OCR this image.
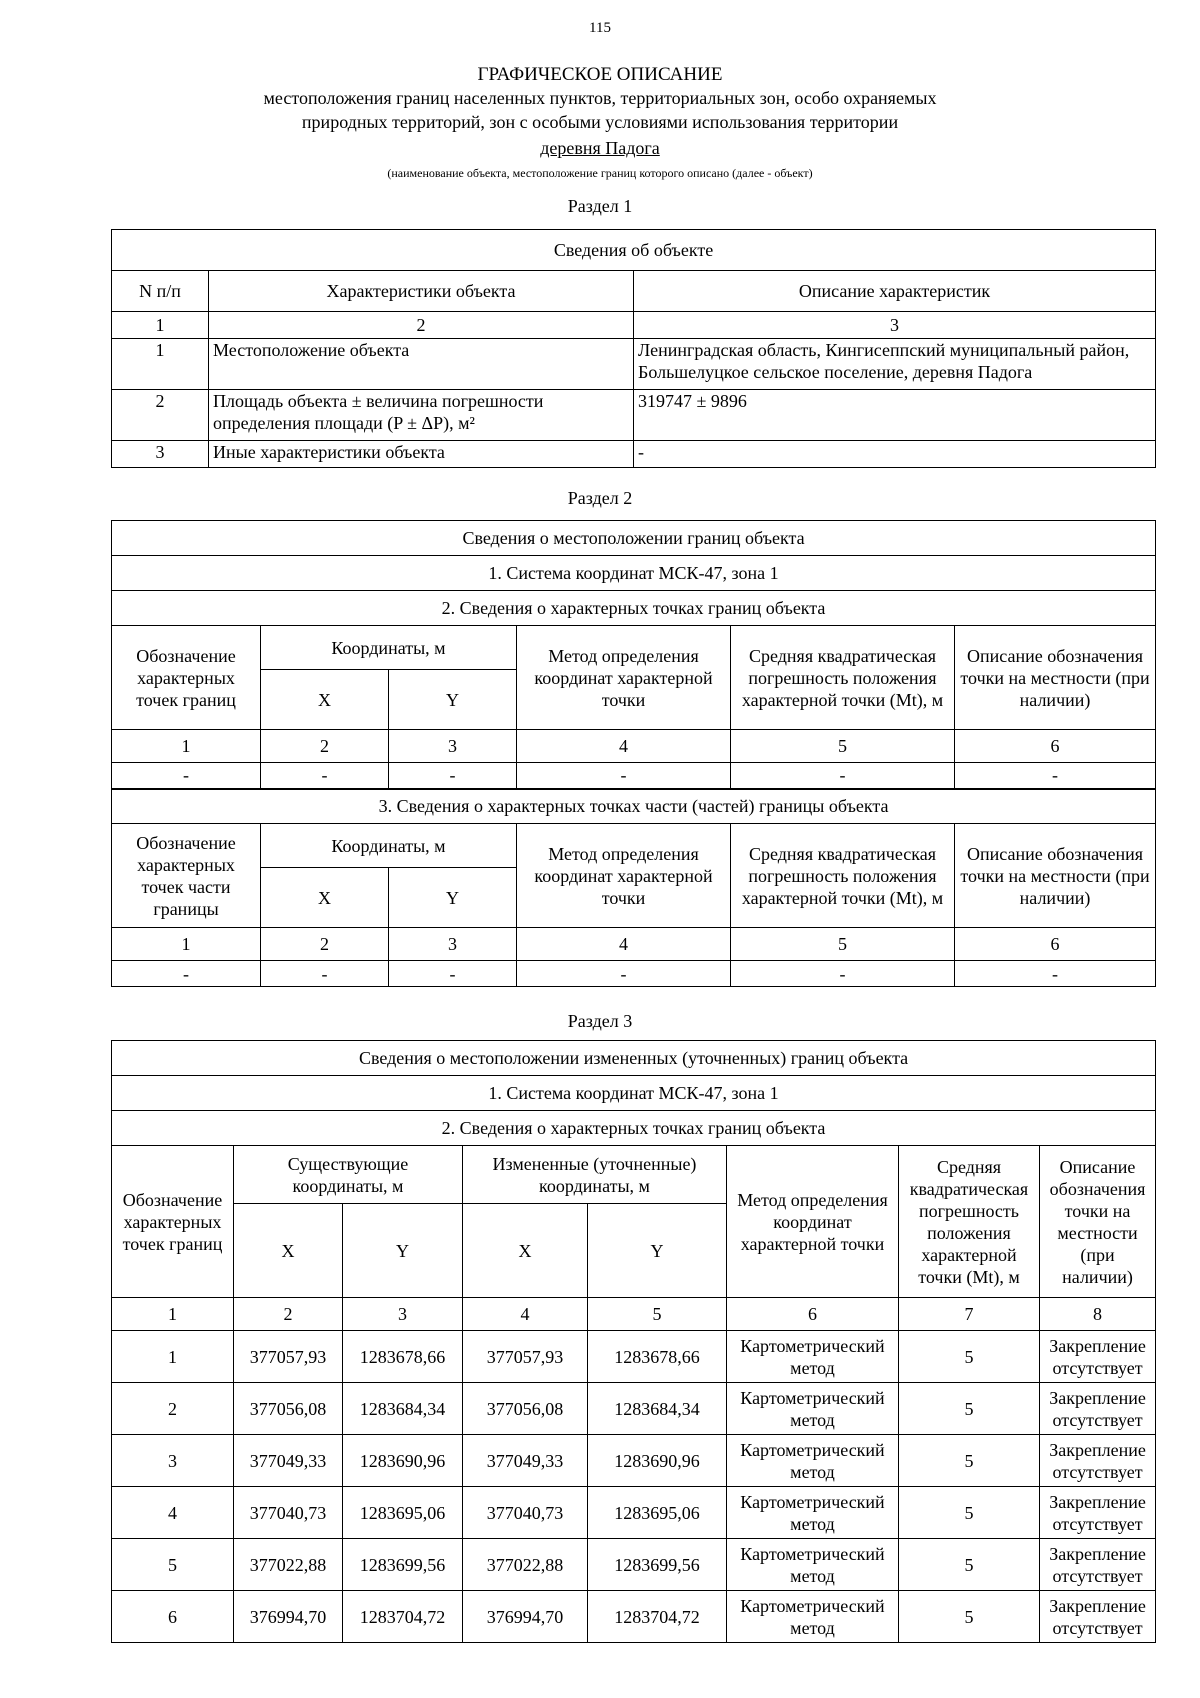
115
ГРАФИЧЕСКОЕ ОПИСАНИЕ
местоположения границ населенных пунктов, территориальных зон, особо охраняемых
природных территорий, зон с особыми условиями использования территории
деревня Падога
(наименование объекта, местоположение границ которого описано (далее - объект)
Раздел 1
Сведения об объекте		
N п/п	Характеристики объекта	Описание характеристик
1	2	3
1	Местоположение объекта	Ленинградская область, Кингисеппский муниципальный район, Большелуцкое сельское поселение, деревня Падога
2	Площадь объекта ± величина погрешности определения площади (P ± ΔP), м²	319747 ± 9896
3	Иные характеристики объекта	-
Раздел 2
Сведения о местоположении границ объекта					
1. Система координат МСК-47, зона 1					
2. Сведения о характерных точках границ объекта					
Обозначение характерных точек границ	Координаты, м		Метод определения координат характерной точки	Средняя квадратическая погрешность положения характерной точки (Mt), м	Описание обозначения точки на местности (при наличии)
	X	Y			
1	2	3	4	5	6
-	-	-	-	-	-
3. Сведения о характерных точках части (частей) границы объекта					
Обозначение характерных точек части границы	Координаты, м		Метод определения координат характерной точки	Средняя квадратическая погрешность положения характерной точки (Mt), м	Описание обозначения точки на местности (при наличии)
	X	Y			
1	2	3	4	5	6
-	-	-	-	-	-
Раздел 3
Сведения о местоположении измененных (уточненных) границ объекта							
1. Система координат МСК-47, зона 1							
2. Сведения о характерных точках границ объекта							
Обозначение характерных точек границ	Существующие координаты, м		Измененные (уточненные) координаты, м		Метод определения координат характерной точки	Средняя квадратическая погрешность положения характерной точки (Mt), м	Описание обозначения точки на местности (при наличии)
	X	Y	X	Y			
1	2	3	4	5	6	7	8
1	377057,93	1283678,66	377057,93	1283678,66	Картометрический метод	5	Закрепление отсутствует
2	377056,08	1283684,34	377056,08	1283684,34	Картометрический метод	5	Закрепление отсутствует
3	377049,33	1283690,96	377049,33	1283690,96	Картометрический метод	5	Закрепление отсутствует
4	377040,73	1283695,06	377040,73	1283695,06	Картометрический метод	5	Закрепление отсутствует
5	377022,88	1283699,56	377022,88	1283699,56	Картометрический метод	5	Закрепление отсутствует
6	376994,70	1283704,72	376994,70	1283704,72	Картометрический метод	5	Закрепление отсутствует
